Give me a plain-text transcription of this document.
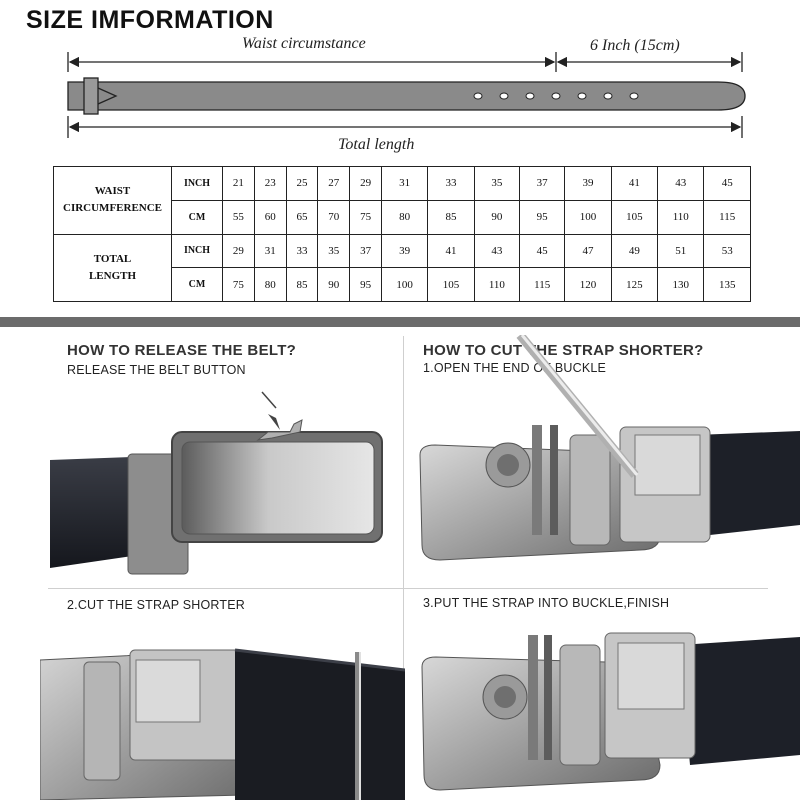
SIZE IMFORMATION
Waist circumstance	6 Inch (15cm)
Total length
WAIST
CIRCUMFERENCE	INCH	21	23	25	27	29	31	33	35	37	39	41	43	45
	CM	55	60	65	70	75	80	85	90	95	100	105	110	115
TOTAL
LENGTH	INCH	29	31	33	35	37	39	41	43	45	47	49	51	53
	CM	75	80	85	90	95	100	105	110	115	120	125	130	135
HOW TO RELEASE THE BELT?
RELEASE THE BELT BUTTON
HOW TO CUT THE STRAP SHORTER?
1.OPEN THE END OF BUCKLE
2.CUT THE STRAP SHORTER	3.PUT THE STRAP INTO BUCKLE,FINISH
